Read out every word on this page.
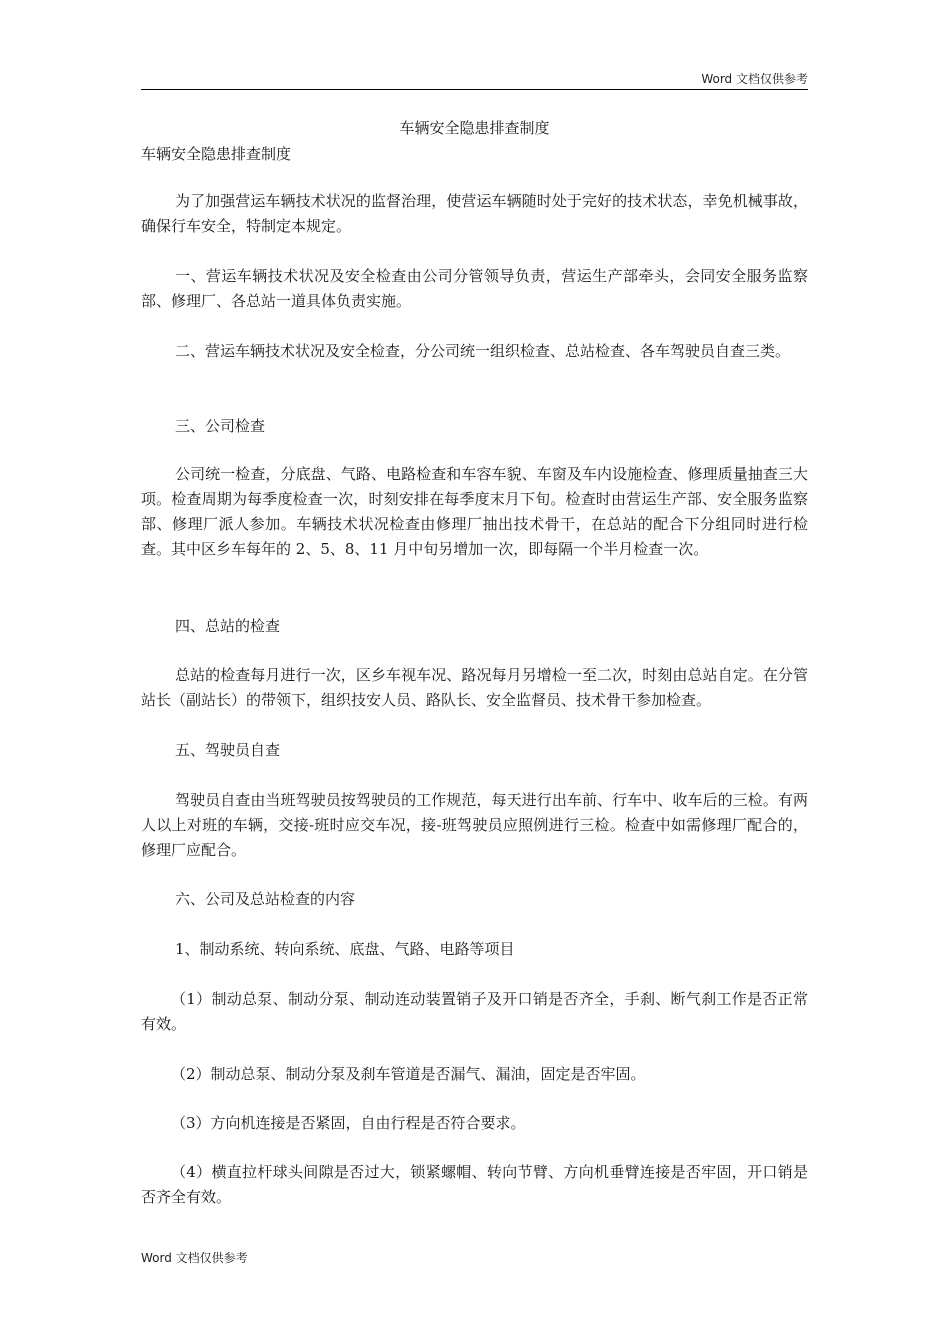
Word 文档仅供参考
车辆安全隐患排查制度

车辆安全隐患排查制度

为了加强营运车辆技术状况的监督治理，使营运车辆随时处于完好的技术状态，幸免机械事故，确保行车安全，特制定本规定。

一、营运车辆技术状况及安全检查由公司分管领导负责，营运生产部牵头，会同安全服务监察部、修理厂、各总站一道具体负责实施。

二、营运车辆技术状况及安全检查，分公司统一组织检查、总站检查、各车驾驶员自查三类。

三、公司检查

公司统一检查，分底盘、气路、电路检查和车容车貌、车窗及车内设施检查、修理质量抽查三大项。检查周期为每季度检查一次，时刻安排在每季度末月下旬。检查时由营运生产部、安全服务监察部、修理厂派人参加。车辆技术状况检查由修理厂抽出技术骨干，在总站的配合下分组同时进行检查。其中区乡车每年的 2、5、8、11 月中旬另增加一次，即每隔一个半月检查一次。

四、总站的检查

总站的检查每月进行一次，区乡车视车况、路况每月另增检一至二次，时刻由总站自定。在分管站长（副站长）的带领下，组织技安人员、路队长、安全监督员、技术骨干参加检查。

五、驾驶员自查

驾驶员自查由当班驾驶员按驾驶员的工作规范，每天进行出车前、行车中、收车后的三检。有两人以上对班的车辆，交接-班时应交车况，接-班驾驶员应照例进行三检。检查中如需修理厂配合的，修理厂应配合。

六、公司及总站检查的内容

1、制动系统、转向系统、底盘、气路、电路等项目

（1）制动总泵、制动分泵、制动连动装置销子及开口销是否齐全，手刹、断气刹工作是否正常有效。

（2）制动总泵、制动分泵及刹车管道是否漏气、漏油，固定是否牢固。

（3）方向机连接是否紧固，自由行程是否符合要求。

（4）横直拉杆球头间隙是否过大，锁紧螺帽、转向节臂、方向机垂臂连接是否牢固，开口销是否齐全有效。

Word 文档仅供参考
